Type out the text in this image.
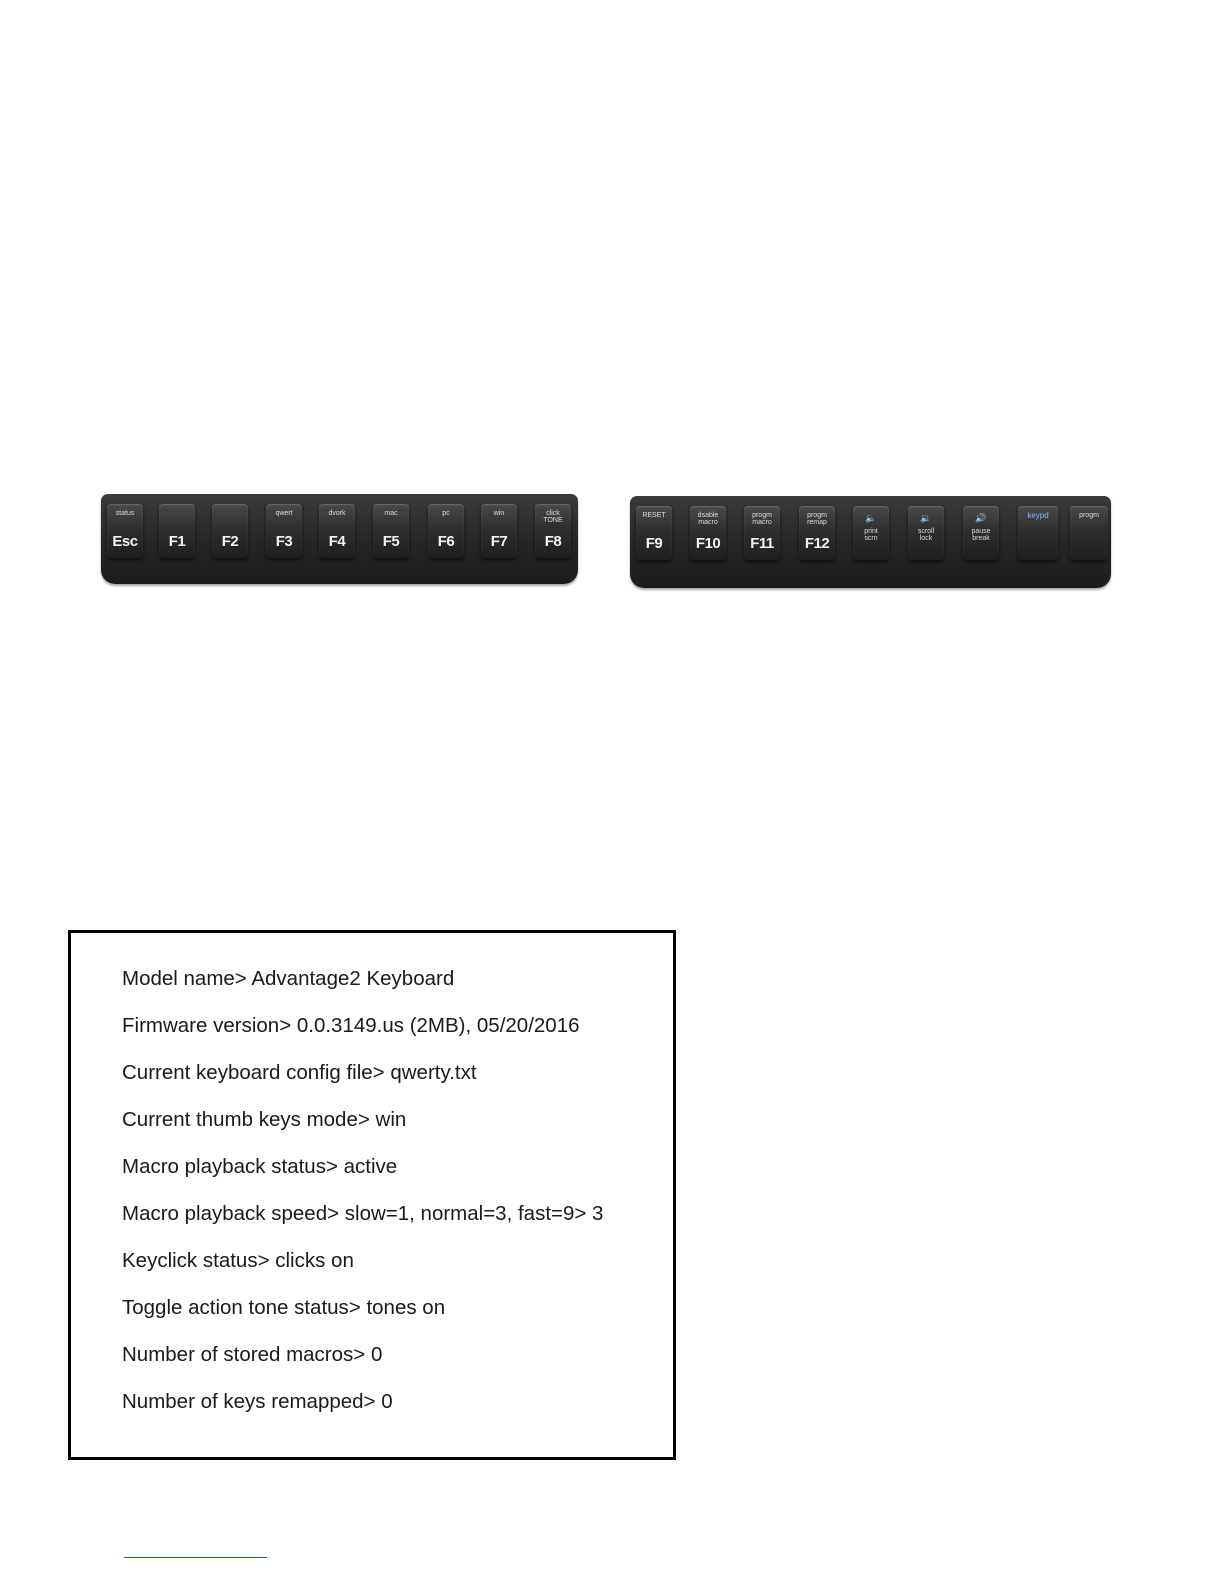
status
Esc	F1	F2
qwert
F3
dvork
F4
mac
F5
pc
F6
win
F7
click
TONE
F8
RESET
F9
dsable
macro
F10
progm
macro
F11
progm
remap
F12
🔈
print
scrn
🔉
scroll
lock
🔊
pause
break
keypd	progm
Model name> Advantage2 Keyboard
Firmware version> 0.0.3149.us (2MB), 05/20/2016
Current keyboard config file> qwerty.txt
Current thumb keys mode> win
Macro playback status> active
Macro playback speed> slow=1, normal=3, fast=9> 3
Keyclick status> clicks on
Toggle action tone status> tones on
Number of stored macros> 0
Number of keys remapped> 0
